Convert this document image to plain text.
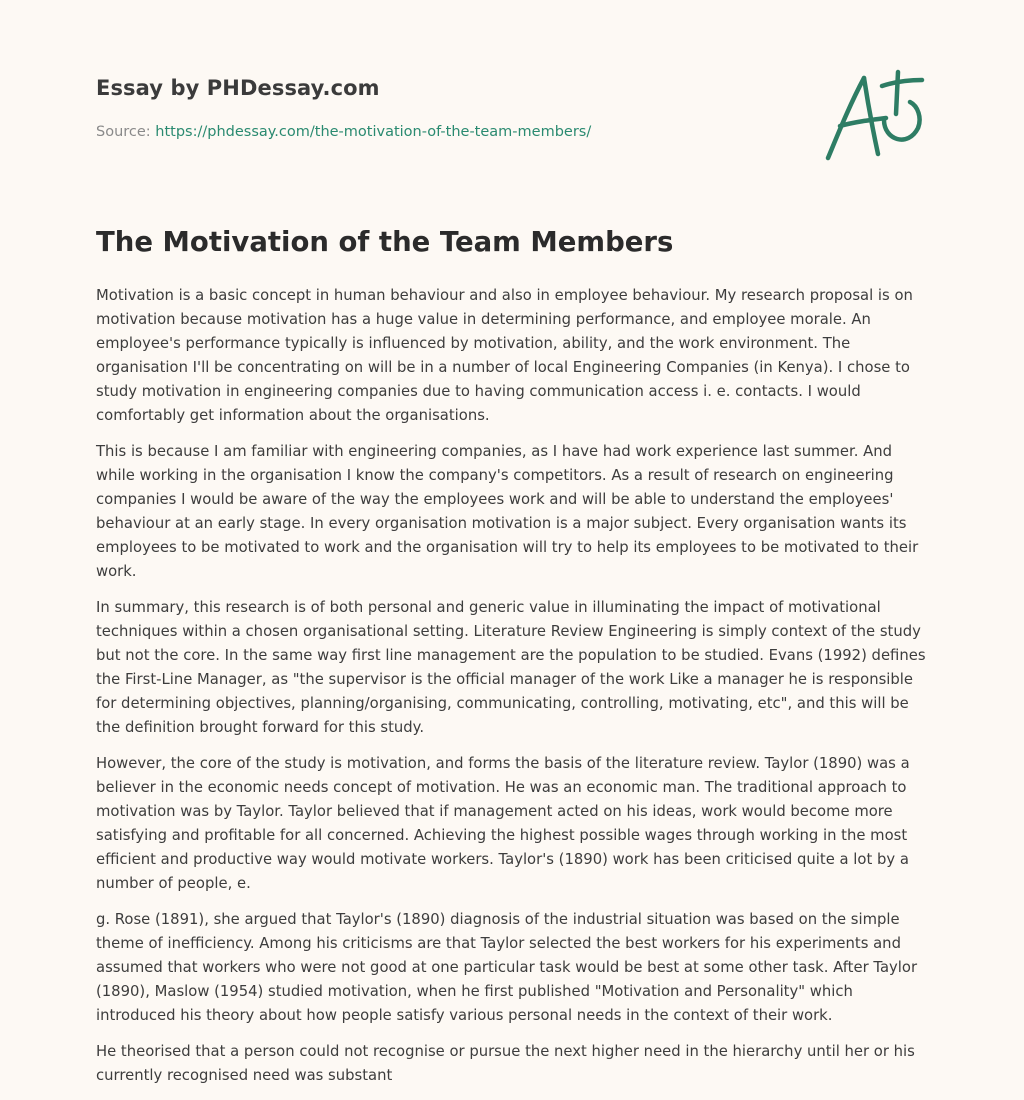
Essay by PHDessay.com
Source: https://phdessay.com/the-motivation-of-the-team-members/
The Motivation of the Team Members

Motivation is a basic concept in human behaviour and also in employee behaviour. My research proposal is on motivation because motivation has a huge value in determining performance, and employee morale. An employee's performance typically is influenced by motivation, ability, and the work environment. The organisation I'll be concentrating on will be in a number of local Engineering Companies (in Kenya). I chose to study motivation in engineering companies due to having communication access i. e. contacts. I would comfortably get information about the organisations.

This is because I am familiar with engineering companies, as I have had work experience last summer. And while working in the organisation I know the company's competitors. As a result of research on engineering companies I would be aware of the way the employees work and will be able to understand the employees' behaviour at an early stage. In every organisation motivation is a major subject. Every organisation wants its employees to be motivated to work and the organisation will try to help its employees to be motivated to their work.

In summary, this research is of both personal and generic value in illuminating the impact of motivational techniques within a chosen organisational setting. Literature Review Engineering is simply context of the study but not the core. In the same way first line management are the population to be studied. Evans (1992) defines the First-Line Manager, as "the supervisor is the official manager of the work Like a manager he is responsible for determining objectives, planning/organising, communicating, controlling, motivating, etc", and this will be the definition brought forward for this study.

However, the core of the study is motivation, and forms the basis of the literature review. Taylor (1890) was a believer in the economic needs concept of motivation. He was an economic man. The traditional approach to motivation was by Taylor. Taylor believed that if management acted on his ideas, work would become more satisfying and profitable for all concerned. Achieving the highest possible wages through working in the most efficient and productive way would motivate workers. Taylor's (1890) work has been criticised quite a lot by a number of people, e.

g. Rose (1891), she argued that Taylor's (1890) diagnosis of the industrial situation was based on the simple theme of inefficiency. Among his criticisms are that Taylor selected the best workers for his experiments and assumed that workers who were not good at one particular task would be best at some other task. After Taylor (1890), Maslow (1954) studied motivation, when he first published "Motivation and Personality" which introduced his theory about how people satisfy various personal needs in the context of their work.

He theorised that a person could not recognise or pursue the next higher need in the hierarchy until her or his currently recognised need was substant
